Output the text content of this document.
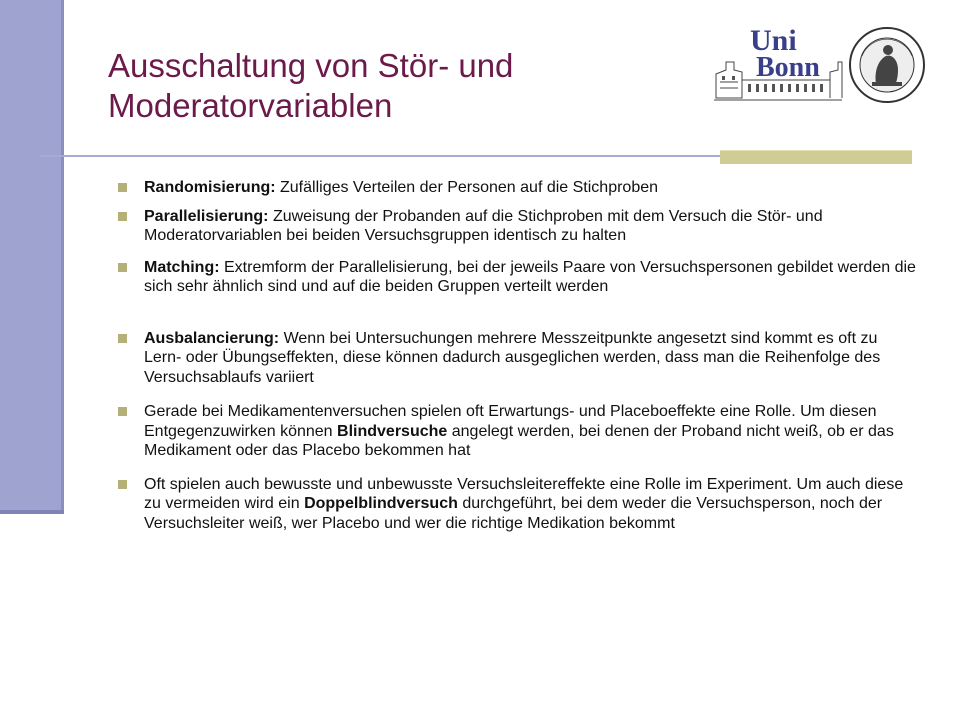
Ausschaltung von Stör- und Moderatorvariablen
Uni
Bonn
Randomisierung: Zufälliges Verteilen der Personen auf die Stichproben
Parallelisierung: Zuweisung der Probanden auf die Stichproben mit dem Versuch die Stör- und Moderatorvariablen bei beiden Versuchsgruppen identisch zu halten
Matching: Extremform der Parallelisierung, bei der jeweils Paare von Versuchspersonen gebildet werden die sich sehr ähnlich sind und auf die beiden Gruppen verteilt werden
Ausbalancierung: Wenn bei Untersuchungen mehrere Messzeitpunkte angesetzt sind kommt es oft zu Lern- oder Übungseffekten, diese können dadurch ausgeglichen werden, dass man die Reihenfolge des Versuchsablaufs variiert
Gerade bei Medikamentenversuchen spielen oft Erwartungs- und Placeboeffekte eine Rolle. Um diesen Entgegenzuwirken können Blindversuche angelegt werden, bei denen der Proband nicht weiß, ob er das Medikament oder das Placebo bekommen hat
Oft spielen auch bewusste und unbewusste Versuchsleitereffekte eine Rolle im Experiment. Um auch diese zu vermeiden wird ein Doppelblindversuch durchgeführt, bei dem weder die Versuchsperson, noch der Versuchsleiter weiß, wer Placebo und wer die richtige Medikation bekommt
